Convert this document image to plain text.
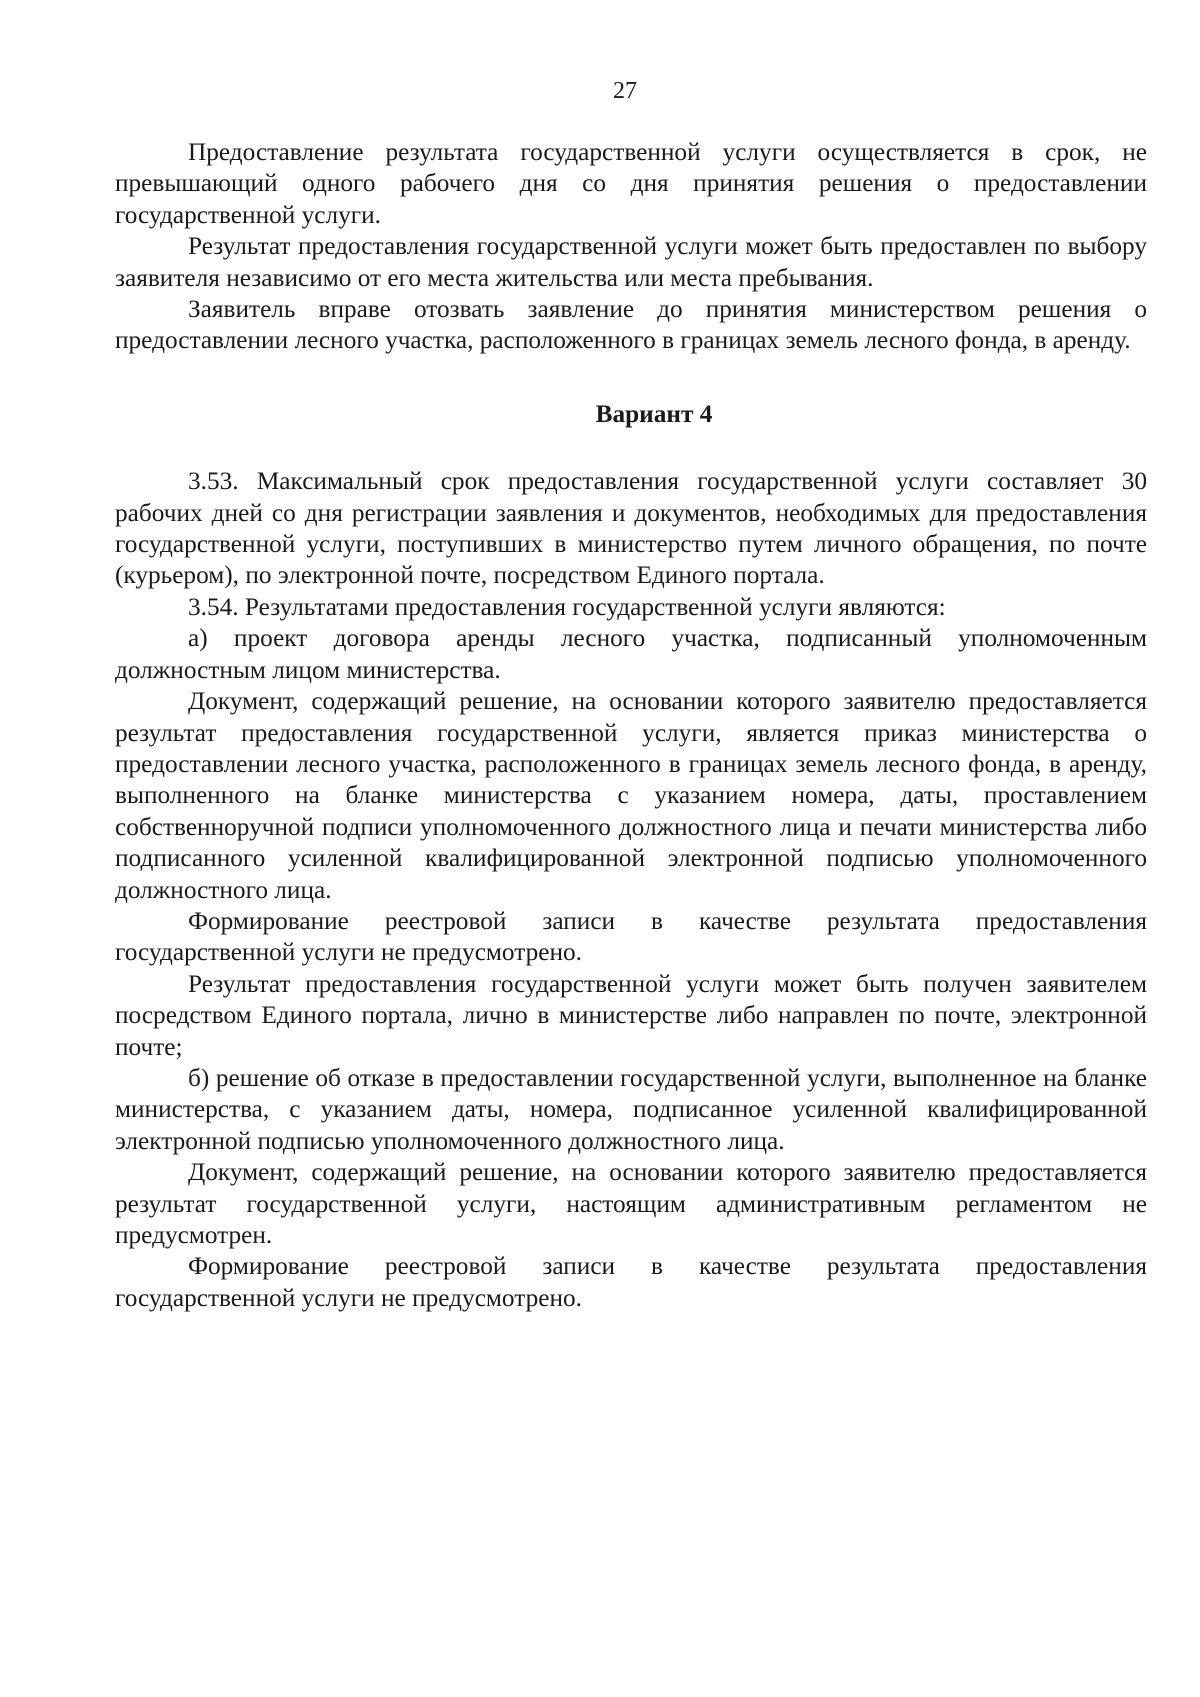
27

Предоставление результата государственной услуги осуществляется в срок, не превышающий одного рабочего дня со дня принятия решения о предоставлении государственной услуги.

Результат предоставления государственной услуги может быть предоставлен по выбору заявителя независимо от его места жительства или места пребывания.

Заявитель вправе отозвать заявление до принятия министерством решения о предоставлении лесного участка, расположенного в границах земель лесного фонда, в аренду.

Вариант 4

3.53. Максимальный срок предоставления государственной услуги составляет 30 рабочих дней со дня регистрации заявления и документов, необходимых для предоставления государственной услуги, поступивших в министерство путем личного обращения, по почте (курьером), по электронной почте, посредством Единого портала.

3.54. Результатами предоставления государственной услуги являются:

а) проект договора аренды лесного участка, подписанный уполномоченным должностным лицом министерства.

Документ, содержащий решение, на основании которого заявителю предоставляется результат предоставления государственной услуги, является приказ министерства о предоставлении лесного участка, расположенного в границах земель лесного фонда, в аренду, выполненного на бланке министерства с указанием номера, даты, проставлением собственноручной подписи уполномоченного должностного лица и печати министерства либо подписанного усиленной квалифицированной электронной подписью уполномоченного должностного лица.

Формирование реестровой записи в качестве результата предоставления государственной услуги не предусмотрено.

Результат предоставления государственной услуги может быть получен заявителем посредством Единого портала, лично в министерстве либо направлен по почте, электронной почте;

б) решение об отказе в предоставлении государственной услуги, выполненное на бланке министерства, с указанием даты, номера, подписанное усиленной квалифицированной электронной подписью уполномоченного должностного лица.

Документ, содержащий решение, на основании которого заявителю предоставляется результат государственной услуги, настоящим административным регламентом не предусмотрен.

Формирование реестровой записи в качестве результата предоставления государственной услуги не предусмотрено.
